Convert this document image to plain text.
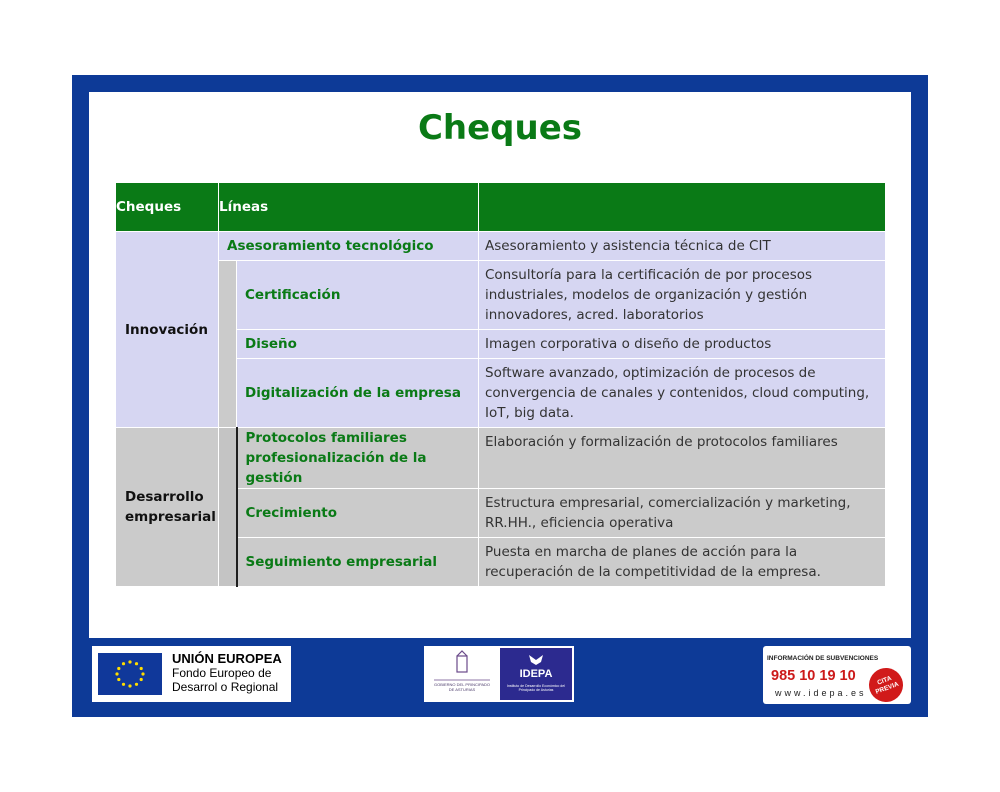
Cheques
Cheques	Líneas		
Innovación	Asesoramiento tecnológico		Asesoramiento y asistencia técnica de CIT
		Certificación	Consultoría para la certificación de por procesos industriales, modelos de organización y gestión innovadores, acred. laboratorios
		Diseño	Imagen corporativa o diseño de productos
		Digitalización de la empresa	Software avanzado, optimización de procesos de convergencia de canales y contenidos, cloud computing, IoT, big data.
Desarrollo empresarial		Protocolos familiares profesionalización de la gestión	Elaboración y formalización de protocolos familiares
		Crecimiento	Estructura empresarial, comercialización y marketing, RR.HH., eficiencia operativa
		Seguimiento empresarial	Puesta en marcha de planes de acción para la recuperación de la competitividad de la empresa.
UNIÓN EUROPEA
Fondo Europeo de
Desarrol o Regional	GOBIERNO DEL PRINCIPADO DE ASTURIAS
IDEPA
Instituto de Desarrollo Económico del Principado de Asturias
INFORMACIÓN DE SUBVENCIONES
985 10 19 10
www.idepa.es
CITA PREVIA
